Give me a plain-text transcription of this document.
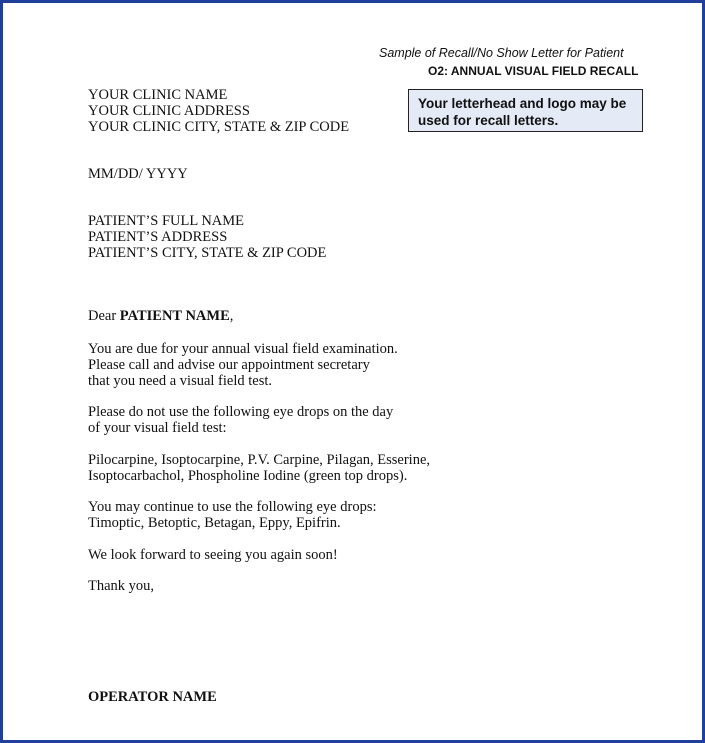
Sample of Recall/No Show Letter for Patient
O2: ANNUAL VISUAL FIELD RECALL
Your letterhead and logo may be
used for recall letters.
YOUR CLINIC NAME
YOUR CLINIC ADDRESS
YOUR CLINIC CITY, STATE & ZIP CODE
MM/DD/ YYYY
PATIENT’S FULL NAME
PATIENT’S ADDRESS
PATIENT’S CITY, STATE & ZIP CODE
Dear PATIENT NAME,
You are due for your annual visual field examination.
Please call and advise our appointment secretary
that you need a visual field test.
Please do not use the following eye drops on the day
of your visual field test:
Pilocarpine, Isoptocarpine, P.V. Carpine, Pilagan, Esserine,
Isoptocarbachol, Phospholine Iodine (green top drops).
You may continue to use the following eye drops:
Timoptic, Betoptic, Betagan, Eppy, Epifrin.
We look forward to seeing you again soon!
Thank you,
OPERATOR NAME
